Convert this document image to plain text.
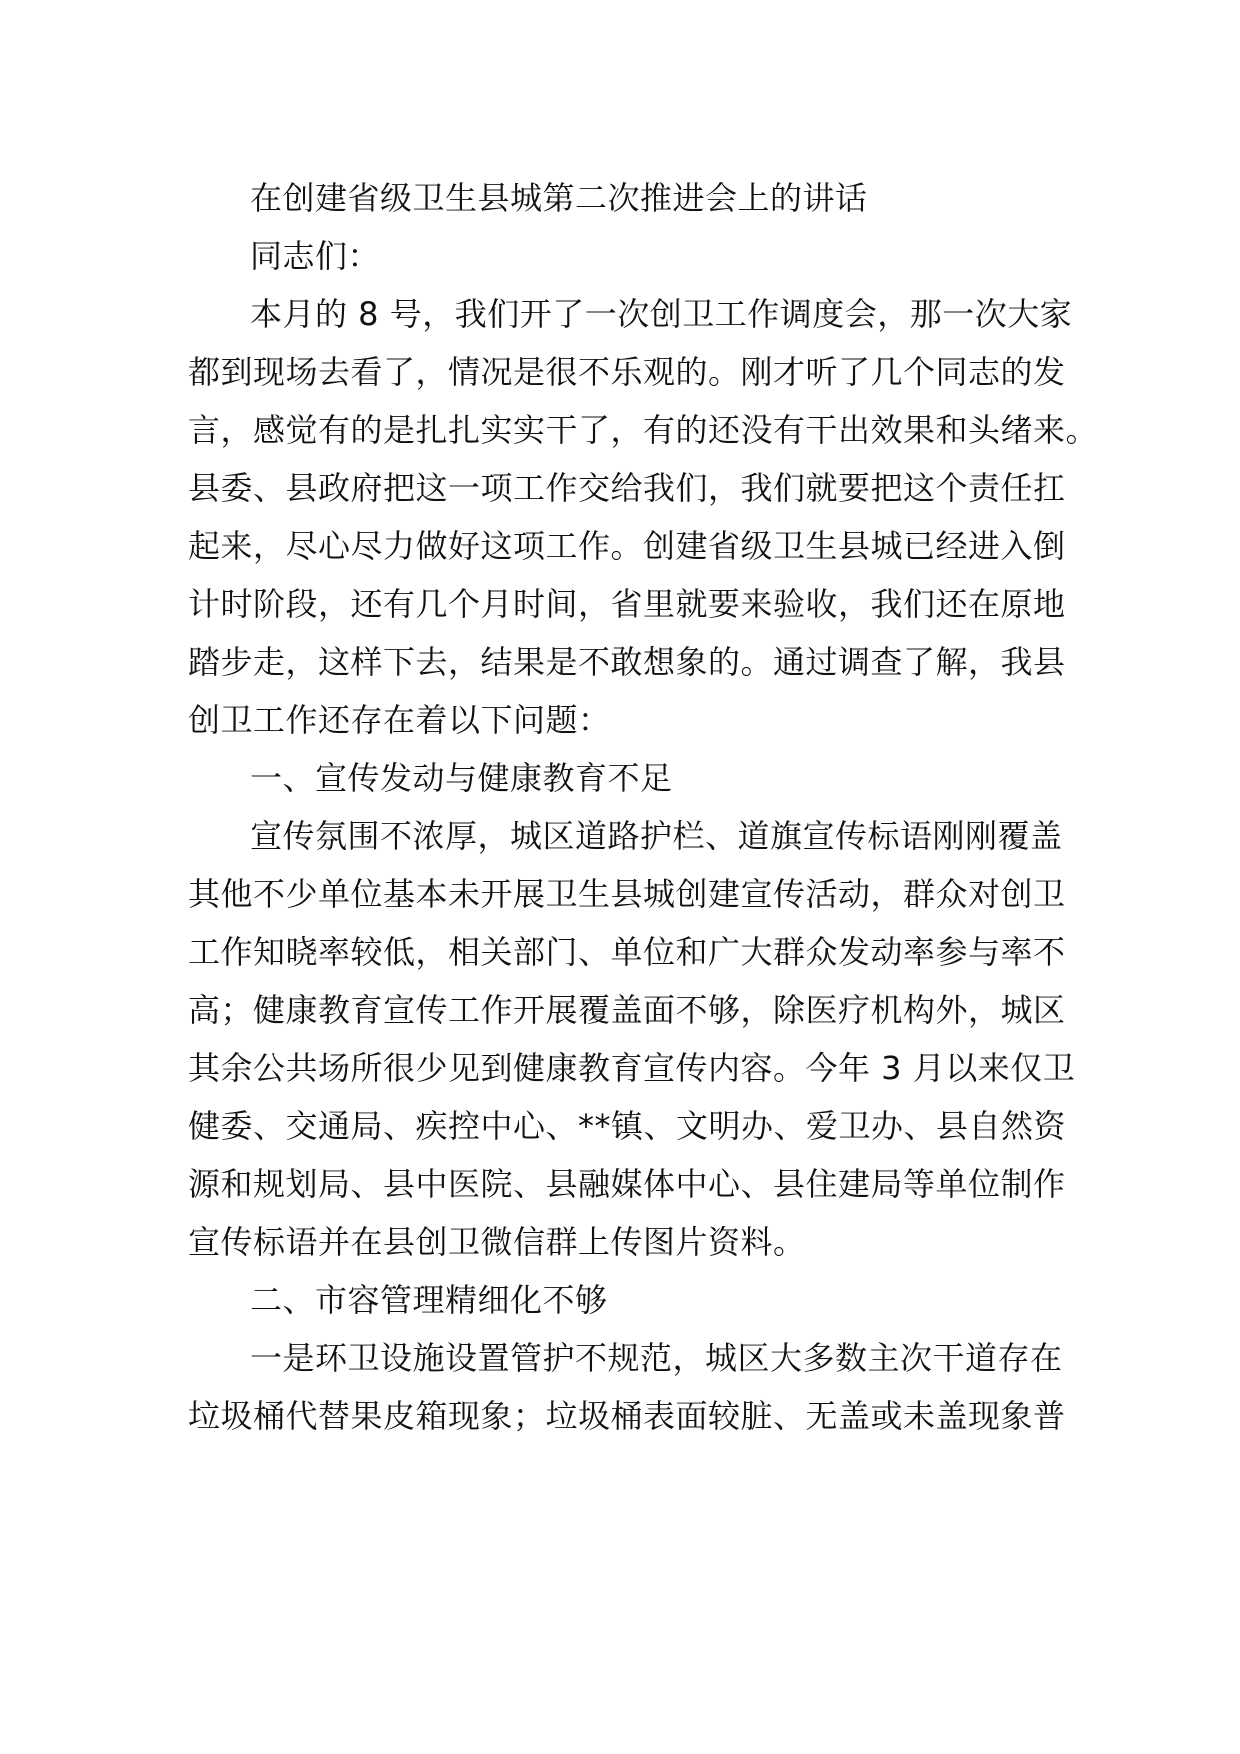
在创建省级卫生县城第二次推进会上的讲话
同志们：
本月的 8 号，我们开了一次创卫工作调度会，那一次大家
都到现场去看了，情况是很不乐观的。刚才听了几个同志的发
言，感觉有的是扎扎实实干了，有的还没有干出效果和头绪来。
县委、县政府把这一项工作交给我们，我们就要把这个责任扛
起来，尽心尽力做好这项工作。创建省级卫生县城已经进入倒
计时阶段，还有几个月时间，省里就要来验收，我们还在原地
踏步走，这样下去，结果是不敢想象的。通过调查了解，我县
创卫工作还存在着以下问题：
一、宣传发动与健康教育不足
宣传氛围不浓厚，城区道路护栏、道旗宣传标语刚刚覆盖
其他不少单位基本未开展卫生县城创建宣传活动，群众对创卫
工作知晓率较低，相关部门、单位和广大群众发动率参与率不
高；健康教育宣传工作开展覆盖面不够，除医疗机构外，城区
其余公共场所很少见到健康教育宣传内容。今年 3 月以来仅卫
健委、交通局、疾控中心、**镇、文明办、爱卫办、县自然资
源和规划局、县中医院、县融媒体中心、县住建局等单位制作
宣传标语并在县创卫微信群上传图片资料。
二、市容管理精细化不够
一是环卫设施设置管护不规范，城区大多数主次干道存在
垃圾桶代替果皮箱现象；垃圾桶表面较脏、无盖或未盖现象普
